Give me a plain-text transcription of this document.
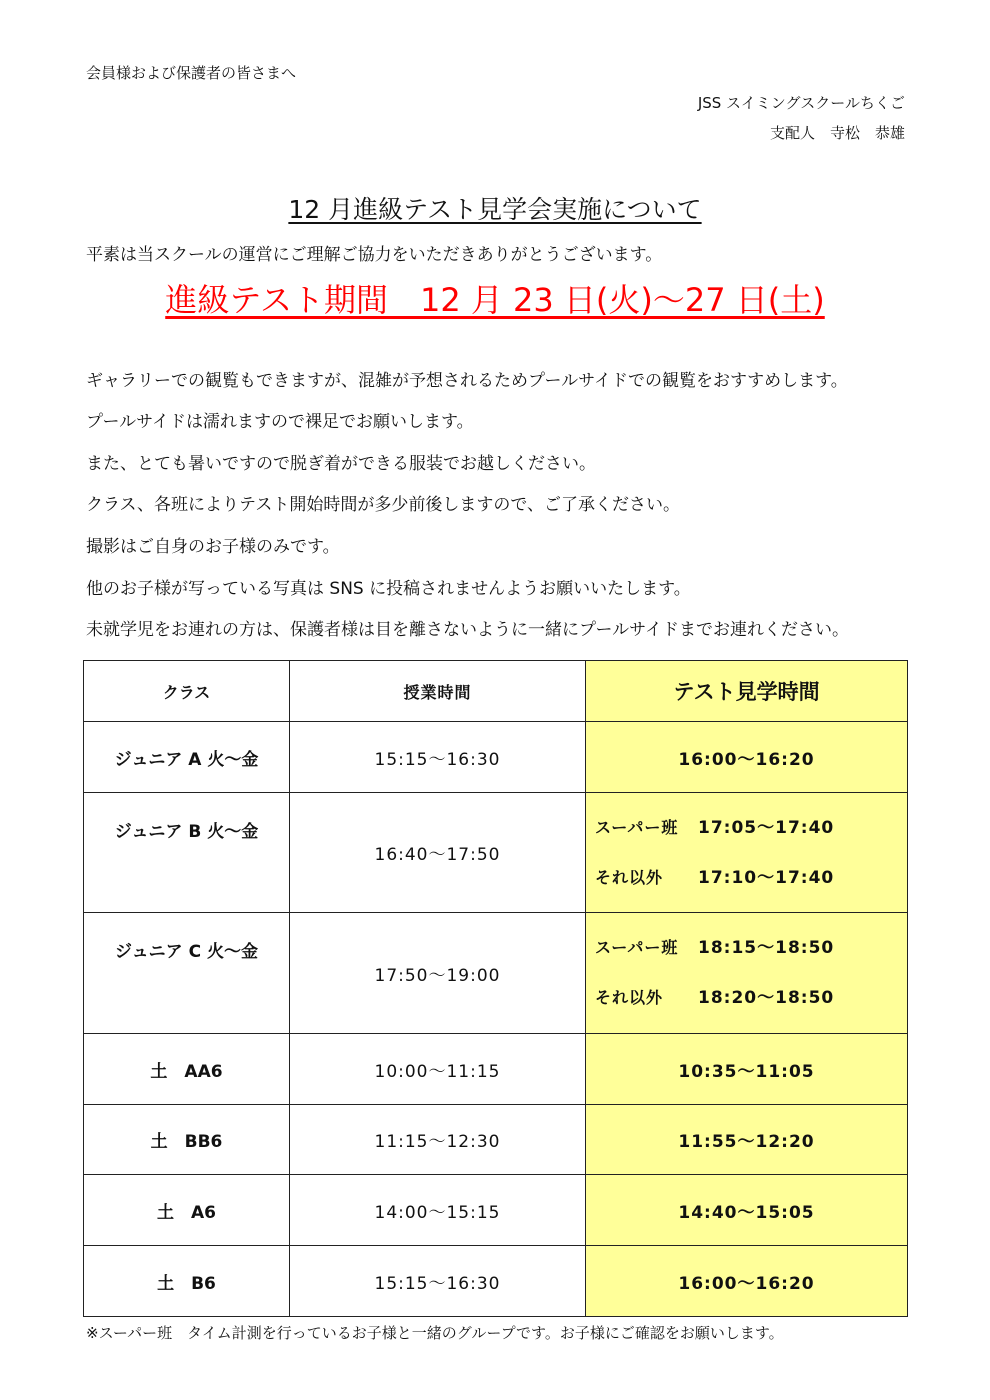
会員様および保護者の皆さまへ
JSS スイミングスクールちくご
支配人　寺松　恭雄
12 月進級テスト見学会実施について
平素は当スクールの運営にご理解ご協力をいただきありがとうございます。
進級テスト期間　12 月 23 日(火)～27 日(土)
ギャラリーでの観覧もできますが、混雑が予想されるためプールサイドでの観覧をおすすめします。
プールサイドは濡れますので裸足でお願いします。
また、とても暑いですので脱ぎ着ができる服装でお越しください。
クラス、各班によりテスト開始時間が多少前後しますので、ご了承ください。
撮影はご自身のお子様のみです。
他のお子様が写っている写真は SNS に投稿されませんようお願いいたします。
未就学児をお連れの方は、保護者様は目を離さないように一緒にプールサイドまでお連れください。
クラス	授業時間	テスト見学時間
ジュニア A 火～金	15:15～16:30	16:00～16:20
ジュニア B 火～金	16:40～17:50	スーパー班 17:05～17:40
それ以外 17:10～17:40

ジュニア C 火～金	17:50～19:00	スーパー班 18:15～18:50
それ以外 18:20～18:50

土　AA6	10:00～11:15	10:35～11:05
土　BB6	11:15～12:30	11:55～12:20
土　A6	14:00～15:15	14:40～15:05
土　B6	15:15～16:30	16:00～16:20
※スーパー班　タイム計測を行っているお子様と一緒のグループです。お子様にご確認をお願いします。
